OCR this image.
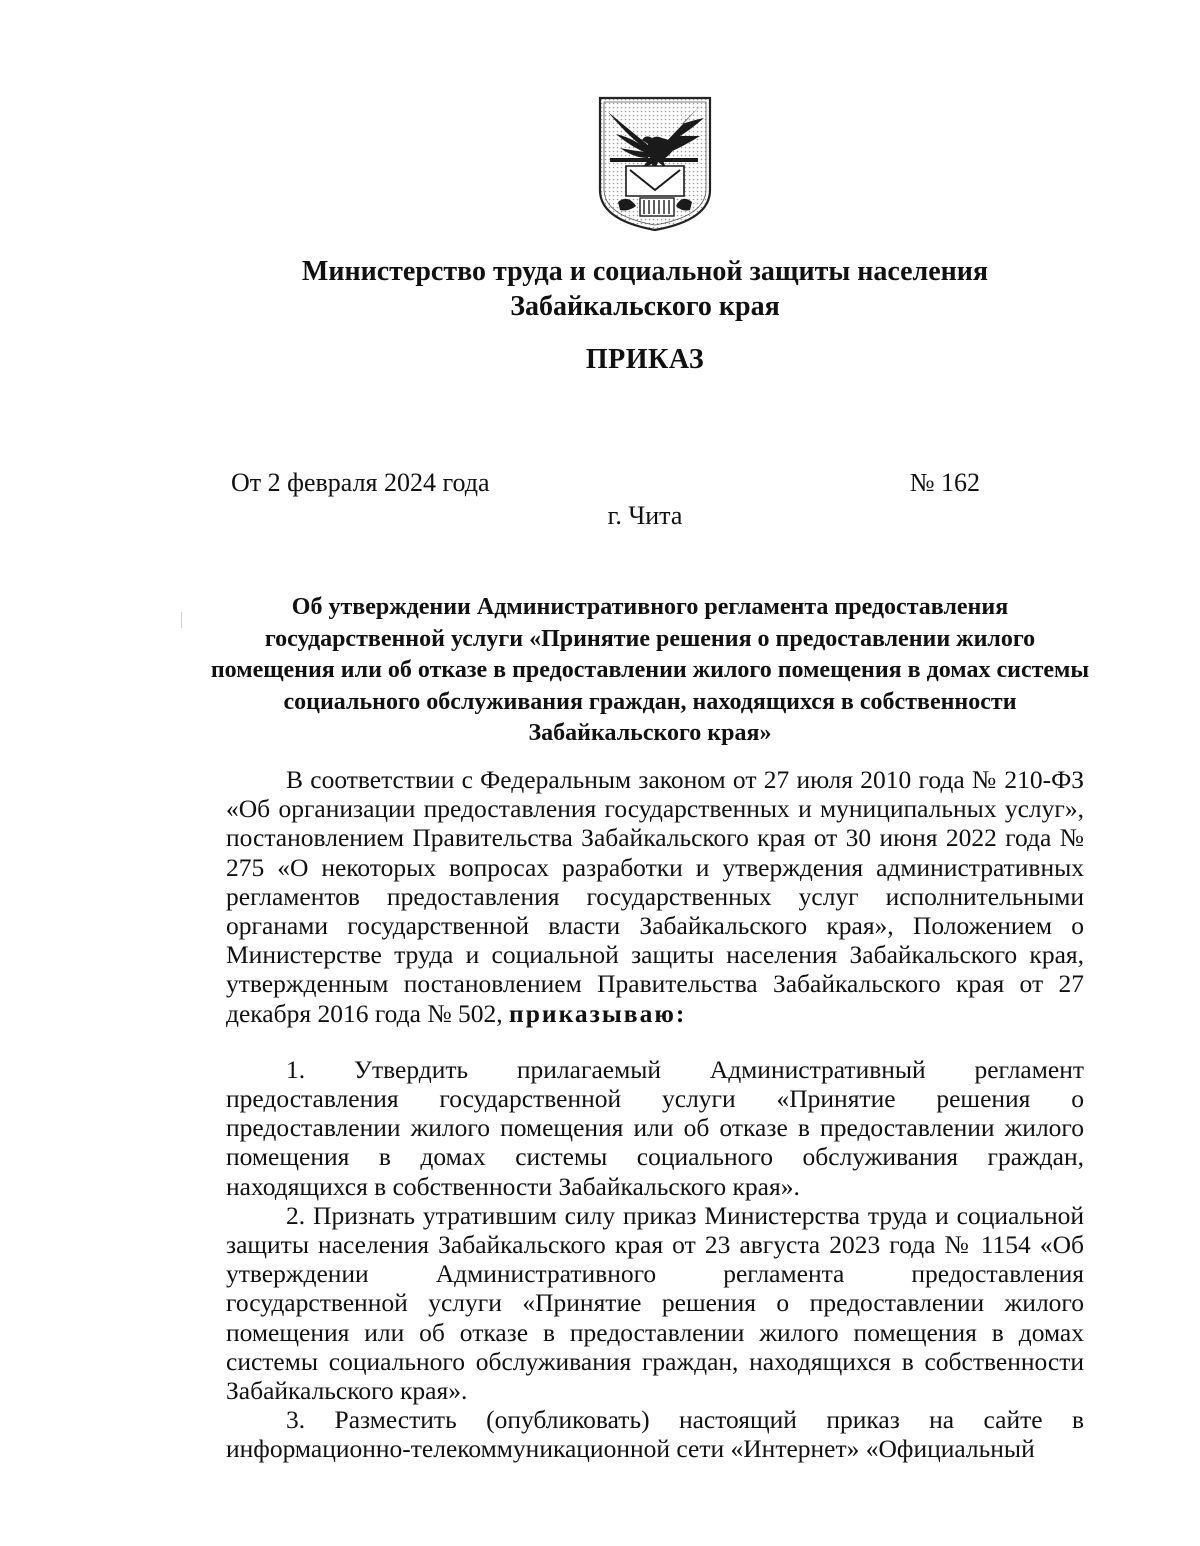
Министерство труда и социальной защиты населения
Забайкальского края
ПРИКАЗ
От 2 февраля 2024 года	№ 162
г. Чита
Об утверждении Административного регламента предоставления государственной услуги «Принятие решения о предоставлении жилого помещения или об отказе в предоставлении жилого помещения в домах системы социального обслуживания граждан, находящихся в собственности Забайкальского края»

В соответствии с Федеральным законом от 27 июля 2010 года № 210-ФЗ «Об организации предоставления государственных и муниципальных услуг», постановлением Правительства Забайкальского края от 30 июня 2022 года № 275 «О некоторых вопросах разработки и утверждения административных регламентов предоставления государственных услуг исполнительными органами государственной власти Забайкальского края», Положением о Министерстве труда и социальной защиты населения Забайкальского края, утвержденным постановлением Правительства Забайкальского края от 27 декабря 2016 года № 502, приказываю:

1. Утвердить прилагаемый Административный регламент предоставления государственной услуги «Принятие решения о предоставлении жилого помещения или об отказе в предоставлении жилого помещения в домах системы социального обслуживания граждан, находящихся в собственности Забайкальского края».

2. Признать утратившим силу приказ Министерства труда и социальной защиты населения Забайкальского края от 23 августа 2023 года № 1154 «Об утверждении Административного регламента предоставления государственной услуги «Принятие решения о предоставлении жилого помещения или об отказе в предоставлении жилого помещения в домах системы социального обслуживания граждан, находящихся в собственности Забайкальского края».

3. Разместить (опубликовать) настоящий приказ на сайте в информационно-телекоммуникационной сети «Интернет» «Официальный
